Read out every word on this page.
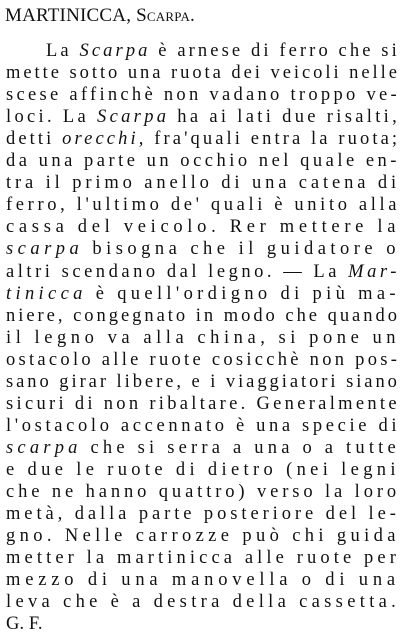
MARTINICCA, Scarpa.
La Scarpa è arnese di ferro che si
mette sotto una ruota dei veicoli nelle
scese affinchè non vadano troppo ve-
loci. La Scarpa ha ai lati due risalti,
detti orecchi, fra'quali entra la ruota;
da una parte un occhio nel quale en-
tra il primo anello di una catena di
ferro, l'ultimo de' quali è unito alla
cassa del veicolo. Rer mettere la
scarpa bisogna che il guidatore o
altri scendano dal legno. — La Mar-
tinicca è quell'ordigno di più ma-
niere, congegnato in modo che quando
il legno va alla china, si pone un
ostacolo alle ruote cosicchè non pos-
sano girar libere, e i viaggiatori siano
sicuri di non ribaltare. Generalmente
l'ostacolo accennato è una specie di
scarpa che si serra a una o a tutte
e due le ruote di dietro (nei legni
che ne hanno quattro) verso la loro
metà, dalla parte posteriore del le-
gno. Nelle carrozze può chi guida
metter la martinicca alle ruote per
mezzo di una manovella o di una
leva che è a destra della cassetta.
G. F.
